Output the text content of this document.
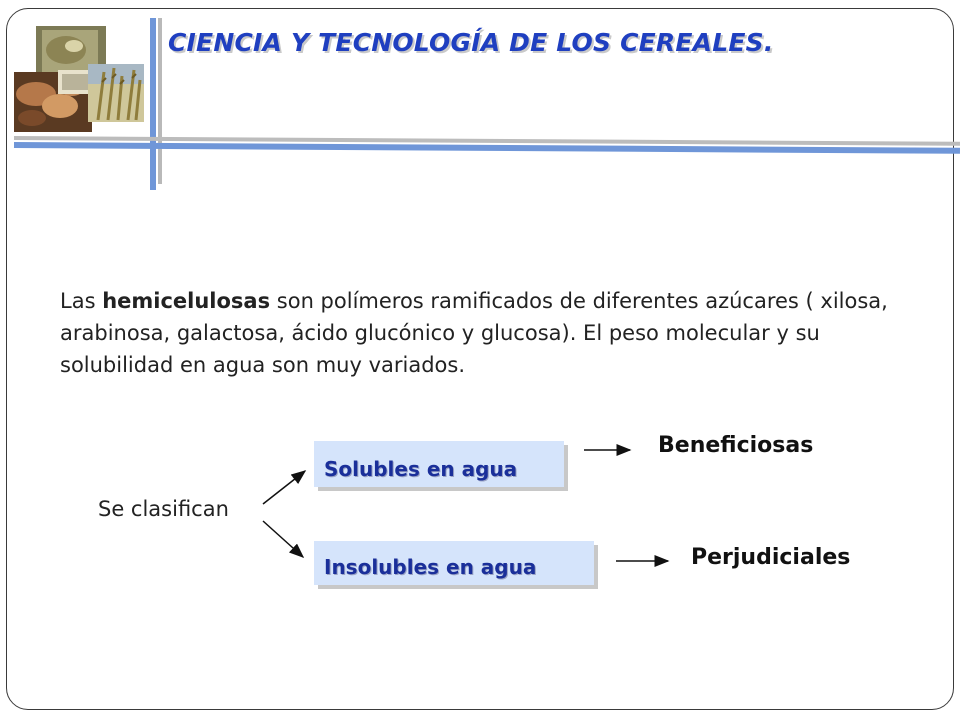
CIENCIA Y TECNOLOGÍA DE LOS CEREALES.

Las hemicelulosas son polímeros ramificados de diferentes azúcares ( xilosa, arabinosa, galactosa, ácido glucónico y glucosa). El peso molecular y su solubilidad en agua son muy variados.

Se clasifican
Solubles en agua
Insolubles en agua
Beneficiosas
Perjudiciales
